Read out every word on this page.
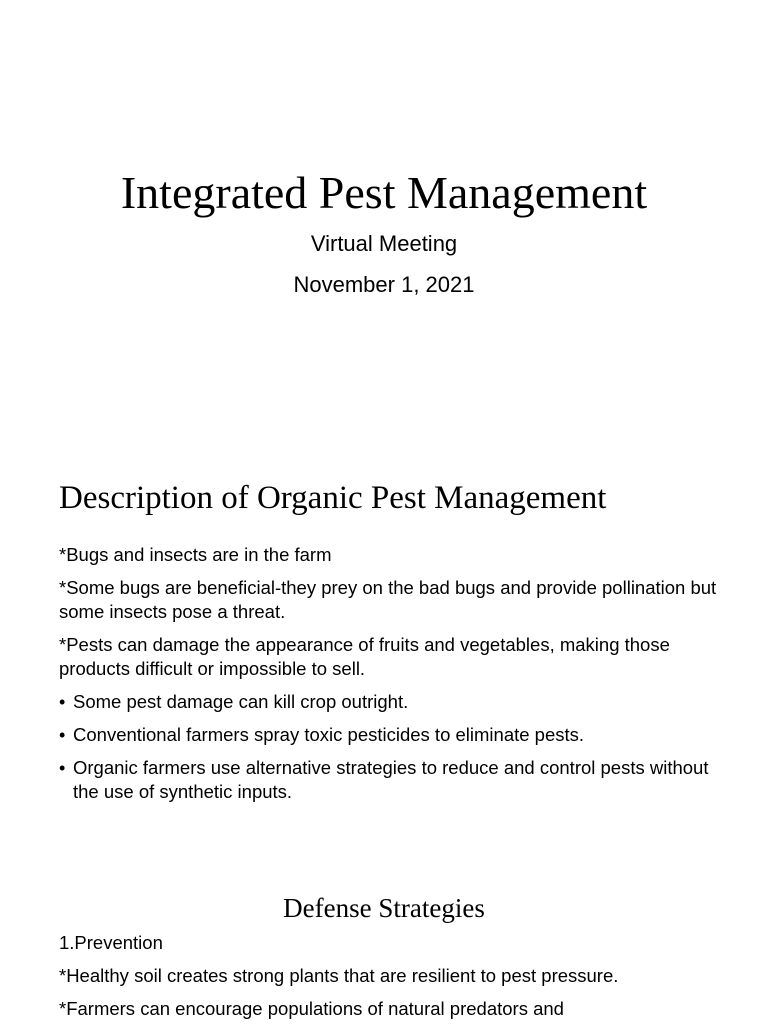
Integrated Pest Management

Virtual Meeting

November 1, 2021

Description of Organic Pest Management
*Bugs and insects are in the farm
*Some bugs are beneficial-they prey on the bad bugs and provide pollination but some insects pose a threat.
*Pests can damage the appearance of fruits and vegetables, making those products difficult or impossible to sell.
• Some pest damage can kill crop outright.
• Conventional farmers spray toxic pesticides to eliminate pests.
• Organic farmers use alternative strategies to reduce and control pests without the use of synthetic inputs.
Defense Strategies
1.Prevention
*Healthy soil creates strong plants that are resilient to pest pressure.
*Farmers can encourage populations of natural predators and
